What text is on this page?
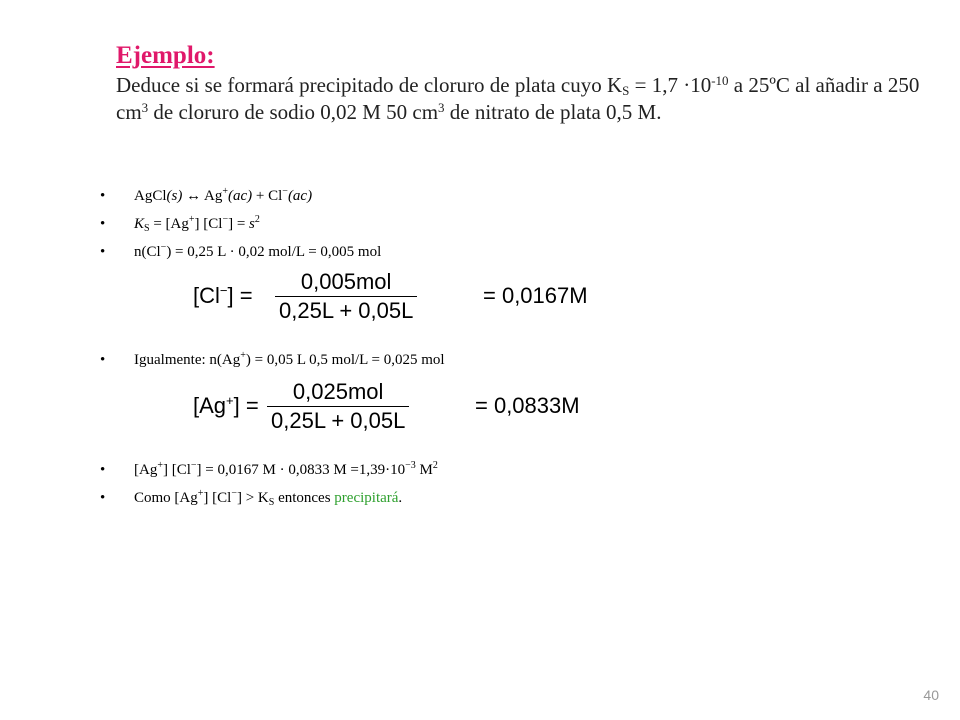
Ejemplo:
Deduce si se formará precipitado de cloruro de plata cuyo $K_S = 1,7 \cdot 10^{-10}$ a 25ºC al añadir a 250 $cm^3$ de cloruro de sodio 0,02 M 50 $cm^3$ de nitrato de plata 0,5 M.
• AgCl(s) ↔ Ag+(ac) + Cl−(ac)
• $K_S = [Ag^+] [Cl^-] = s^2$
• n(Cl−) = 0,25 L · 0,02 mol/L = 0,005 mol
[Cl−] =
0,005mol
0,25L + 0,05L
= 0,0167M
• Igualmente: n(Ag+) = 0,05 L 0,5 mol/L = 0,025 mol
[Ag+] =
0,025mol
0,25L + 0,05L
= 0,0833M
• [Ag+] [Cl−] = 0,0167 M · 0,0833 $M =1,39\cdot 10^{-3}$ $M^2$
• Como [Ag+] $[Cl^-] > K_S$ entonces precipitará.
40
